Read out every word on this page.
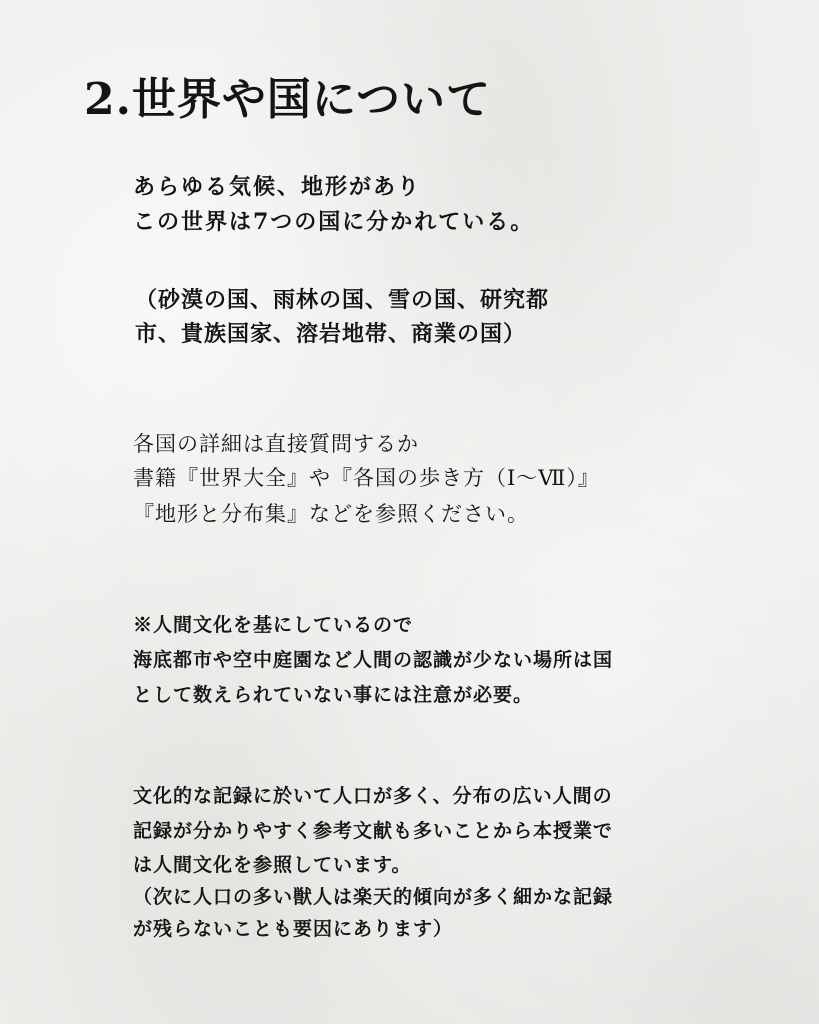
2.世界や国について
あらゆる気候、地形があり
この世界は7つの国に分かれている。
（砂漠の国、雨林の国、雪の国、研究都
市、貴族国家、溶岩地帯、商業の国）
各国の詳細は直接質問するか
書籍『世界大全』や『各国の歩き方（Ⅰ～Ⅶ）』
『地形と分布集』などを参照ください。
※人間文化を基にしているので
海底都市や空中庭園など人間の認識が少ない場所は国
として数えられていない事には注意が必要。
文化的な記録に於いて人口が多く、分布の広い人間の
記録が分かりやすく参考文献も多いことから本授業で
は人間文化を参照しています。
（次に人口の多い獣人は楽天的傾向が多く細かな記録
が残らないことも要因にあります）
